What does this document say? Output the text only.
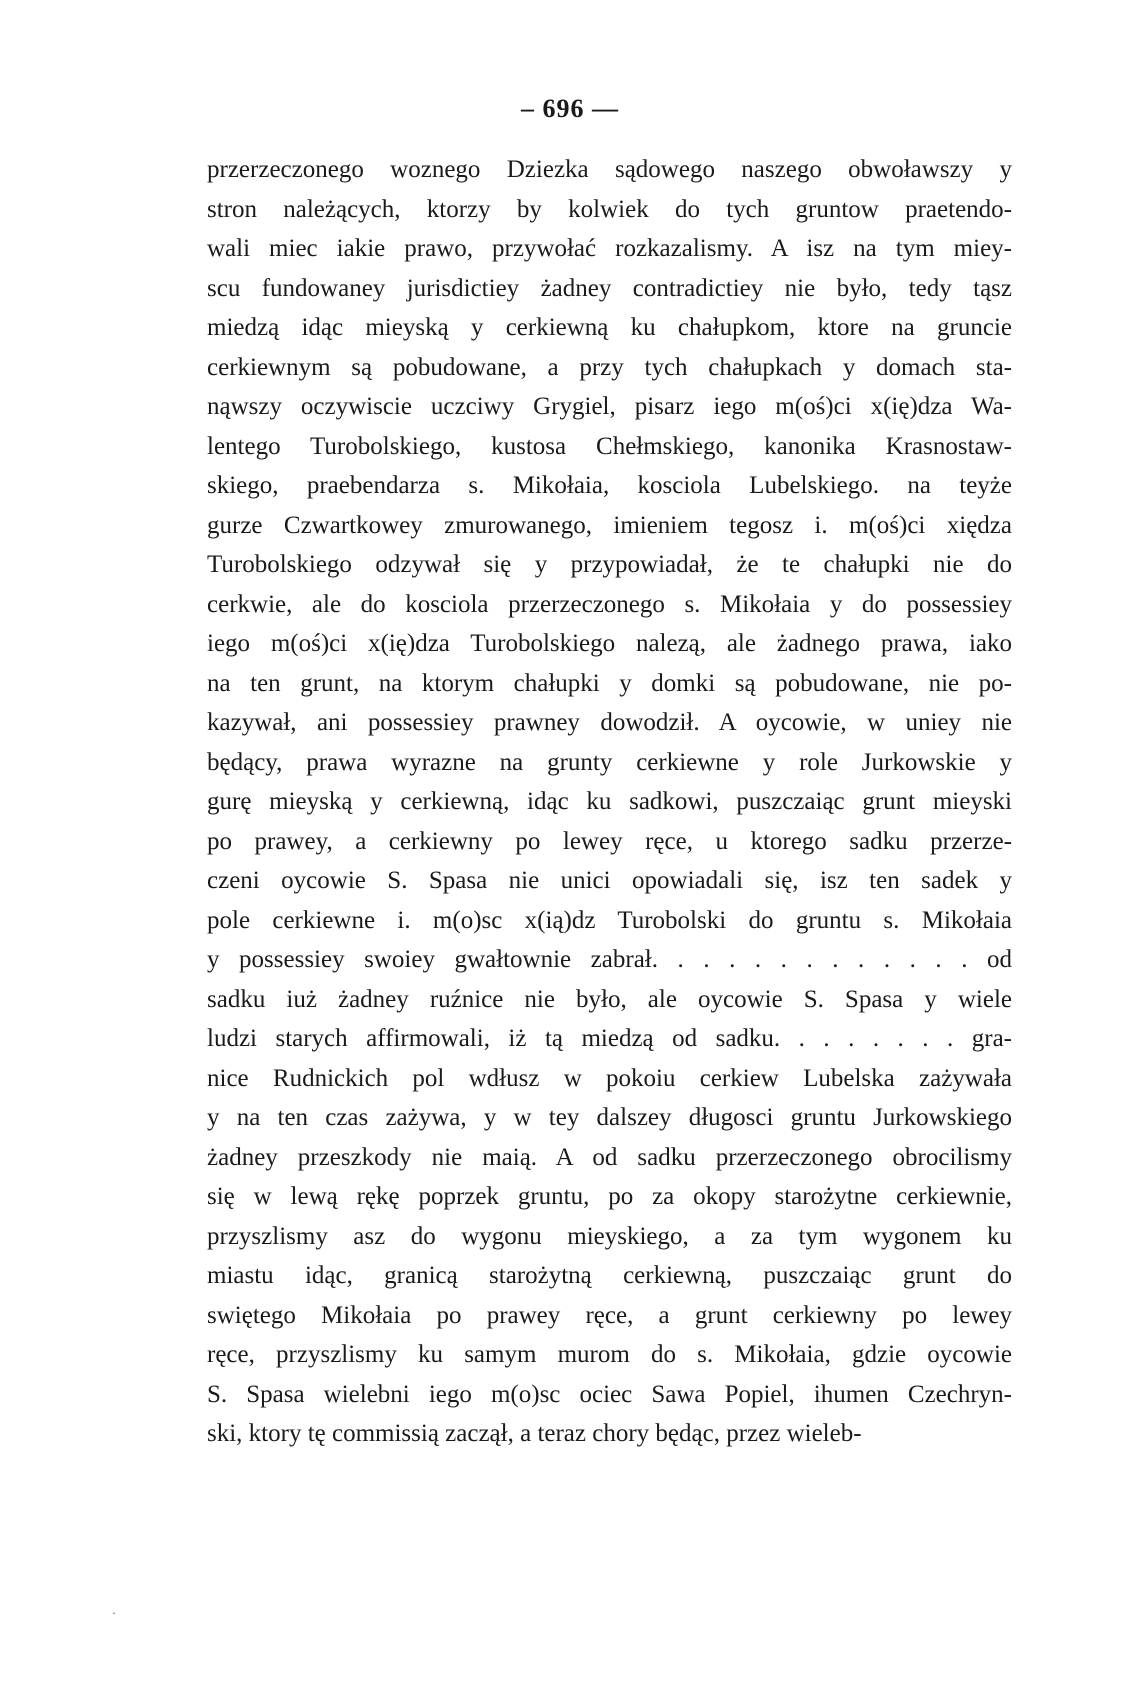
– 696 —
przerzeczonego woznego Dziezka sądowego naszego obwoławszy y
stron należących, ktorzy by kolwiek do tych gruntow praetendo-
wali miec iakie prawo, przywołać rozkazalismy. A isz na tym miey-
scu fundowaney jurisdictiey żadney contradictiey nie było, tedy tąsz
miedzą idąc mieyską y cerkiewną ku chałupkom, ktore na gruncie
cerkiewnym są pobudowane, a przy tych chałupkach y domach sta-
nąwszy oczywiscie uczciwy Grygiel, pisarz iego m(oś)ci x(ię)dza Wa-
lentego Turobolskiego, kustosa Chełmskiego, kanonika Krasnostaw-
skiego, praebendarza s. Mikołaia, kosciola Lubelskiego. na teyże
gurze Czwartkowey zmurowanego, imieniem tegosz i. m(oś)ci xiędza
Turobolskiego odzywał się y przypowiadał, że te chałupki nie do
cerkwie, ale do kosciola przerzeczonego s. Mikołaia y do possessiey
iego m(oś)ci x(ię)dza Turobolskiego nalezą, ale żadnego prawa, iako
na ten grunt, na ktorym chałupki y domki są pobudowane, nie po-
kazywał, ani possessiey prawney dowodził. A oycowie, w uniey nie
będący, prawa wyrazne na grunty cerkiewne y role Jurkowskie y
gurę mieyską y cerkiewną, idąc ku sadkowi, puszczaiąc grunt mieyski
po prawey, a cerkiewny po lewey ręce, u ktorego sadku przerze-
czeni oycowie S. Spasa nie unici opowiadali się, isz ten sadek y
pole cerkiewne i. m(o)sc x(ią)dz Turobolski do gruntu s. Mikołaia
y possessiey swoiey gwałtownie zabrał. . . . . . . . . . . . . od
sadku iuż żadney ruźnice nie było, ale oycowie S. Spasa y wiele
ludzi starych affirmowali, iż tą miedzą od sadku. . . . . . . . gra-
nice Rudnickich pol wdłusz w pokoiu cerkiew Lubelska zażywała
y na ten czas zażywa, y w tey dalszey długosci gruntu Jurkowskiego
żadney przeszkody nie maią. A od sadku przerzeczonego obrocilismy
się w lewą rękę poprzek gruntu, po za okopy starożytne cerkiewnie,
przyszlismy asz do wygonu mieyskiego, a za tym wygonem ku
miastu idąc, granicą starożytną cerkiewną, puszczaiąc grunt do
swiętego Mikołaia po prawey ręce, a grunt cerkiewny po lewey
ręce, przyszlismy ku samym murom do s. Mikołaia, gdzie oycowie
S. Spasa wielebni iego m(o)sc ociec Sawa Popiel, ihumen Czechryn-
ski, ktory tę commissią zaczął, a teraz chory będąc, przez wieleb-
·
